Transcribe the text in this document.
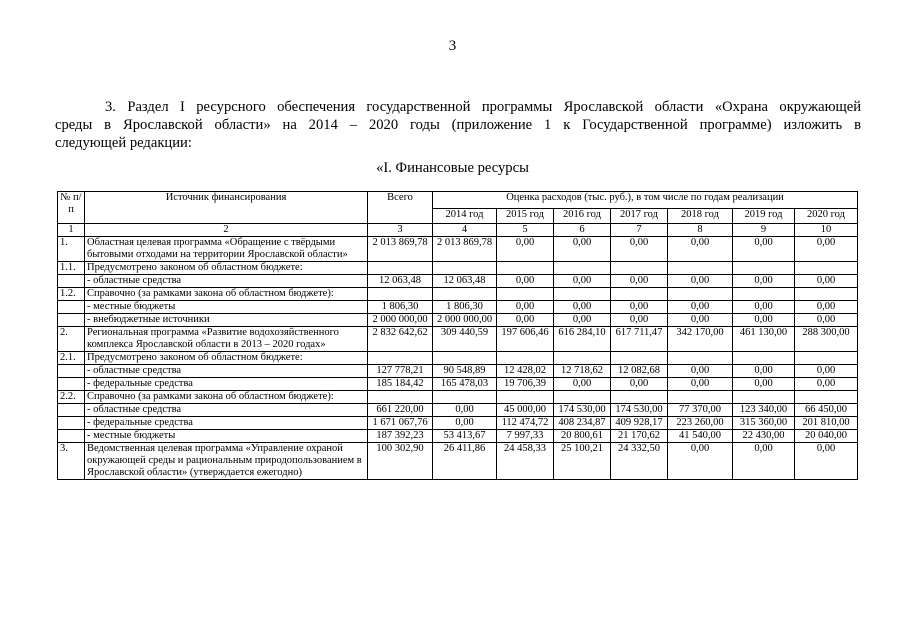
3
3. Раздел I ресурсного обеспечения государственной программы Ярославской области «Охрана окружающей
среды в Ярославской области» на 2014 – 2020 годы (приложение 1 к Государственной программе) изложить в
следующей редакции:
«I. Финансовые ресурсы
№ п/п	Источник финансирования	Всего	Оценка расходов (тыс. руб.), в том числе по годам реализации						
			2014 год	2015 год	2016 год	2017 год	2018 год	2019 год	2020 год
1	2	3	4	5	6	7	8	9	10
1.	Областная целевая программа «Обращение с твёрдыми бытовыми отходами на территории Ярославской области»	2 013 869,78	2 013 869,78	0,00	0,00	0,00	0,00	0,00	0,00
1.1.	Предусмотрено законом об областном бюджете:								
	- областные средства	12 063,48	12 063,48	0,00	0,00	0,00	0,00	0,00	0,00
1.2.	Справочно (за рамками закона об областном бюджете):								
	- местные бюджеты	1 806,30	1 806,30	0,00	0,00	0,00	0,00	0,00	0,00
	- внебюджетные источники	2 000 000,00	2 000 000,00	0,00	0,00	0,00	0,00	0,00	0,00
2.	Региональная программа «Развитие водохозяйственного комплекса Ярославской области в 2013 – 2020 годах»	2 832 642,62	309 440,59	197 606,46	616 284,10	617 711,47	342 170,00	461 130,00	288 300,00
2.1.	Предусмотрено законом об областном бюджете:								
	- областные средства	127 778,21	90 548,89	12 428,02	12 718,62	12 082,68	0,00	0,00	0,00
	- федеральные средства	185 184,42	165 478,03	19 706,39	0,00	0,00	0,00	0,00	0,00
2.2.	Справочно (за рамками закона об областном бюджете):								
	- областные средства	661 220,00	0,00	45 000,00	174 530,00	174 530,00	77 370,00	123 340,00	66 450,00
	- федеральные средства	1 671 067,76	0,00	112 474,72	408 234,87	409 928,17	223 260,00	315 360,00	201 810,00
	- местные бюджеты	187 392,23	53 413,67	7 997,33	20 800,61	21 170,62	41 540,00	22 430,00	20 040,00
3.	Ведомственная целевая программа «Управление охраной окружающей среды и рациональным природопользованием в Ярославской области» (утверждается ежегодно)	100 302,90	26 411,86	24 458,33	25 100,21	24 332,50	0,00	0,00	0,00
